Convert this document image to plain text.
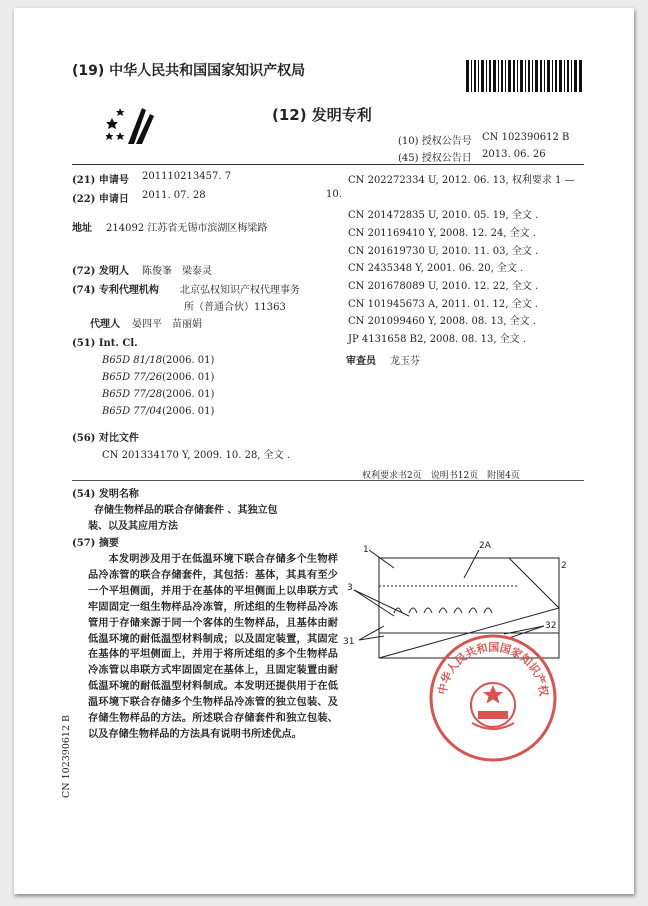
(19) 中华人民共和国国家知识产权局
(12) 发明专利
(10) 授权公告号 CN 102390612 B
(45) 授权公告日 2013. 06. 26
(21) 申请号 201110213457. 7
(22) 申请日 2011. 07. 28
地址 214092 江苏省无锡市滨湖区梅梁路
(72) 发明人 陈俊峯　梁泰灵
(74) 专利代理机构 北京弘权知识产权代理事务
所（普通合伙）11363
代理人 晏四平　苗丽娟
(51) Int. Cl.
B65D 81/18(2006. 01)
B65D 77/26(2006. 01)
B65D 77/28(2006. 01)
B65D 77/04(2006. 01)
(56) 对比文件
CN 201334170 Y, 2009. 10. 28, 全文 .
CN 202272334 U, 2012. 06. 13, 权利要求 1 —
10.
CN 201472835 U, 2010. 05. 19, 全文 .
CN 201169410 Y, 2008. 12. 24, 全文 .
CN 201619730 U, 2010. 11. 03, 全文 .
CN 2435348 Y, 2001. 06. 20, 全文 .
CN 201678089 U, 2010. 12. 22, 全文 .
CN 101945673 A, 2011. 01. 12, 全文 .
CN 201099460 Y, 2008. 08. 13, 全文 .
JP 4131658 B2, 2008. 08. 13, 全文 .
审查员 龙玉芬
权利要求书2页　说明书12页　附图4页
(54) 发明名称
存储生物样品的联合存储套件 、其独立包
装、以及其应用方法
(57) 摘要
本发明涉及用于在低温环境下联合存储多个生物样品冷冻管的联合存储套件，其包括：基体，其具有至少一个平坦侧面，并用于在基体的平坦侧面上以串联方式牢固固定一组生物样品冷冻管，所述组的生物样品冷冻管用于存储来源于同一个客体的生物样品，且基体由耐低温环境的耐低温型材料制成；以及固定装置，其固定在基体的平坦侧面上，并用于将所述组的多个生物样品冷冻管以串联方式牢固固定在基体上，且固定装置由耐低温环境的耐低温型材料制成。本发明还提供用于在低温环境下联合存储多个生物样品冷冻管的独立包装、及存储生物样品的方法。所述联合存储套件和独立包装、以及存储生物样品的方法具有说明书所述优点。
CN 102390612 B
1	2A
2
3
31
32
中华人民共和国国家知识产权
